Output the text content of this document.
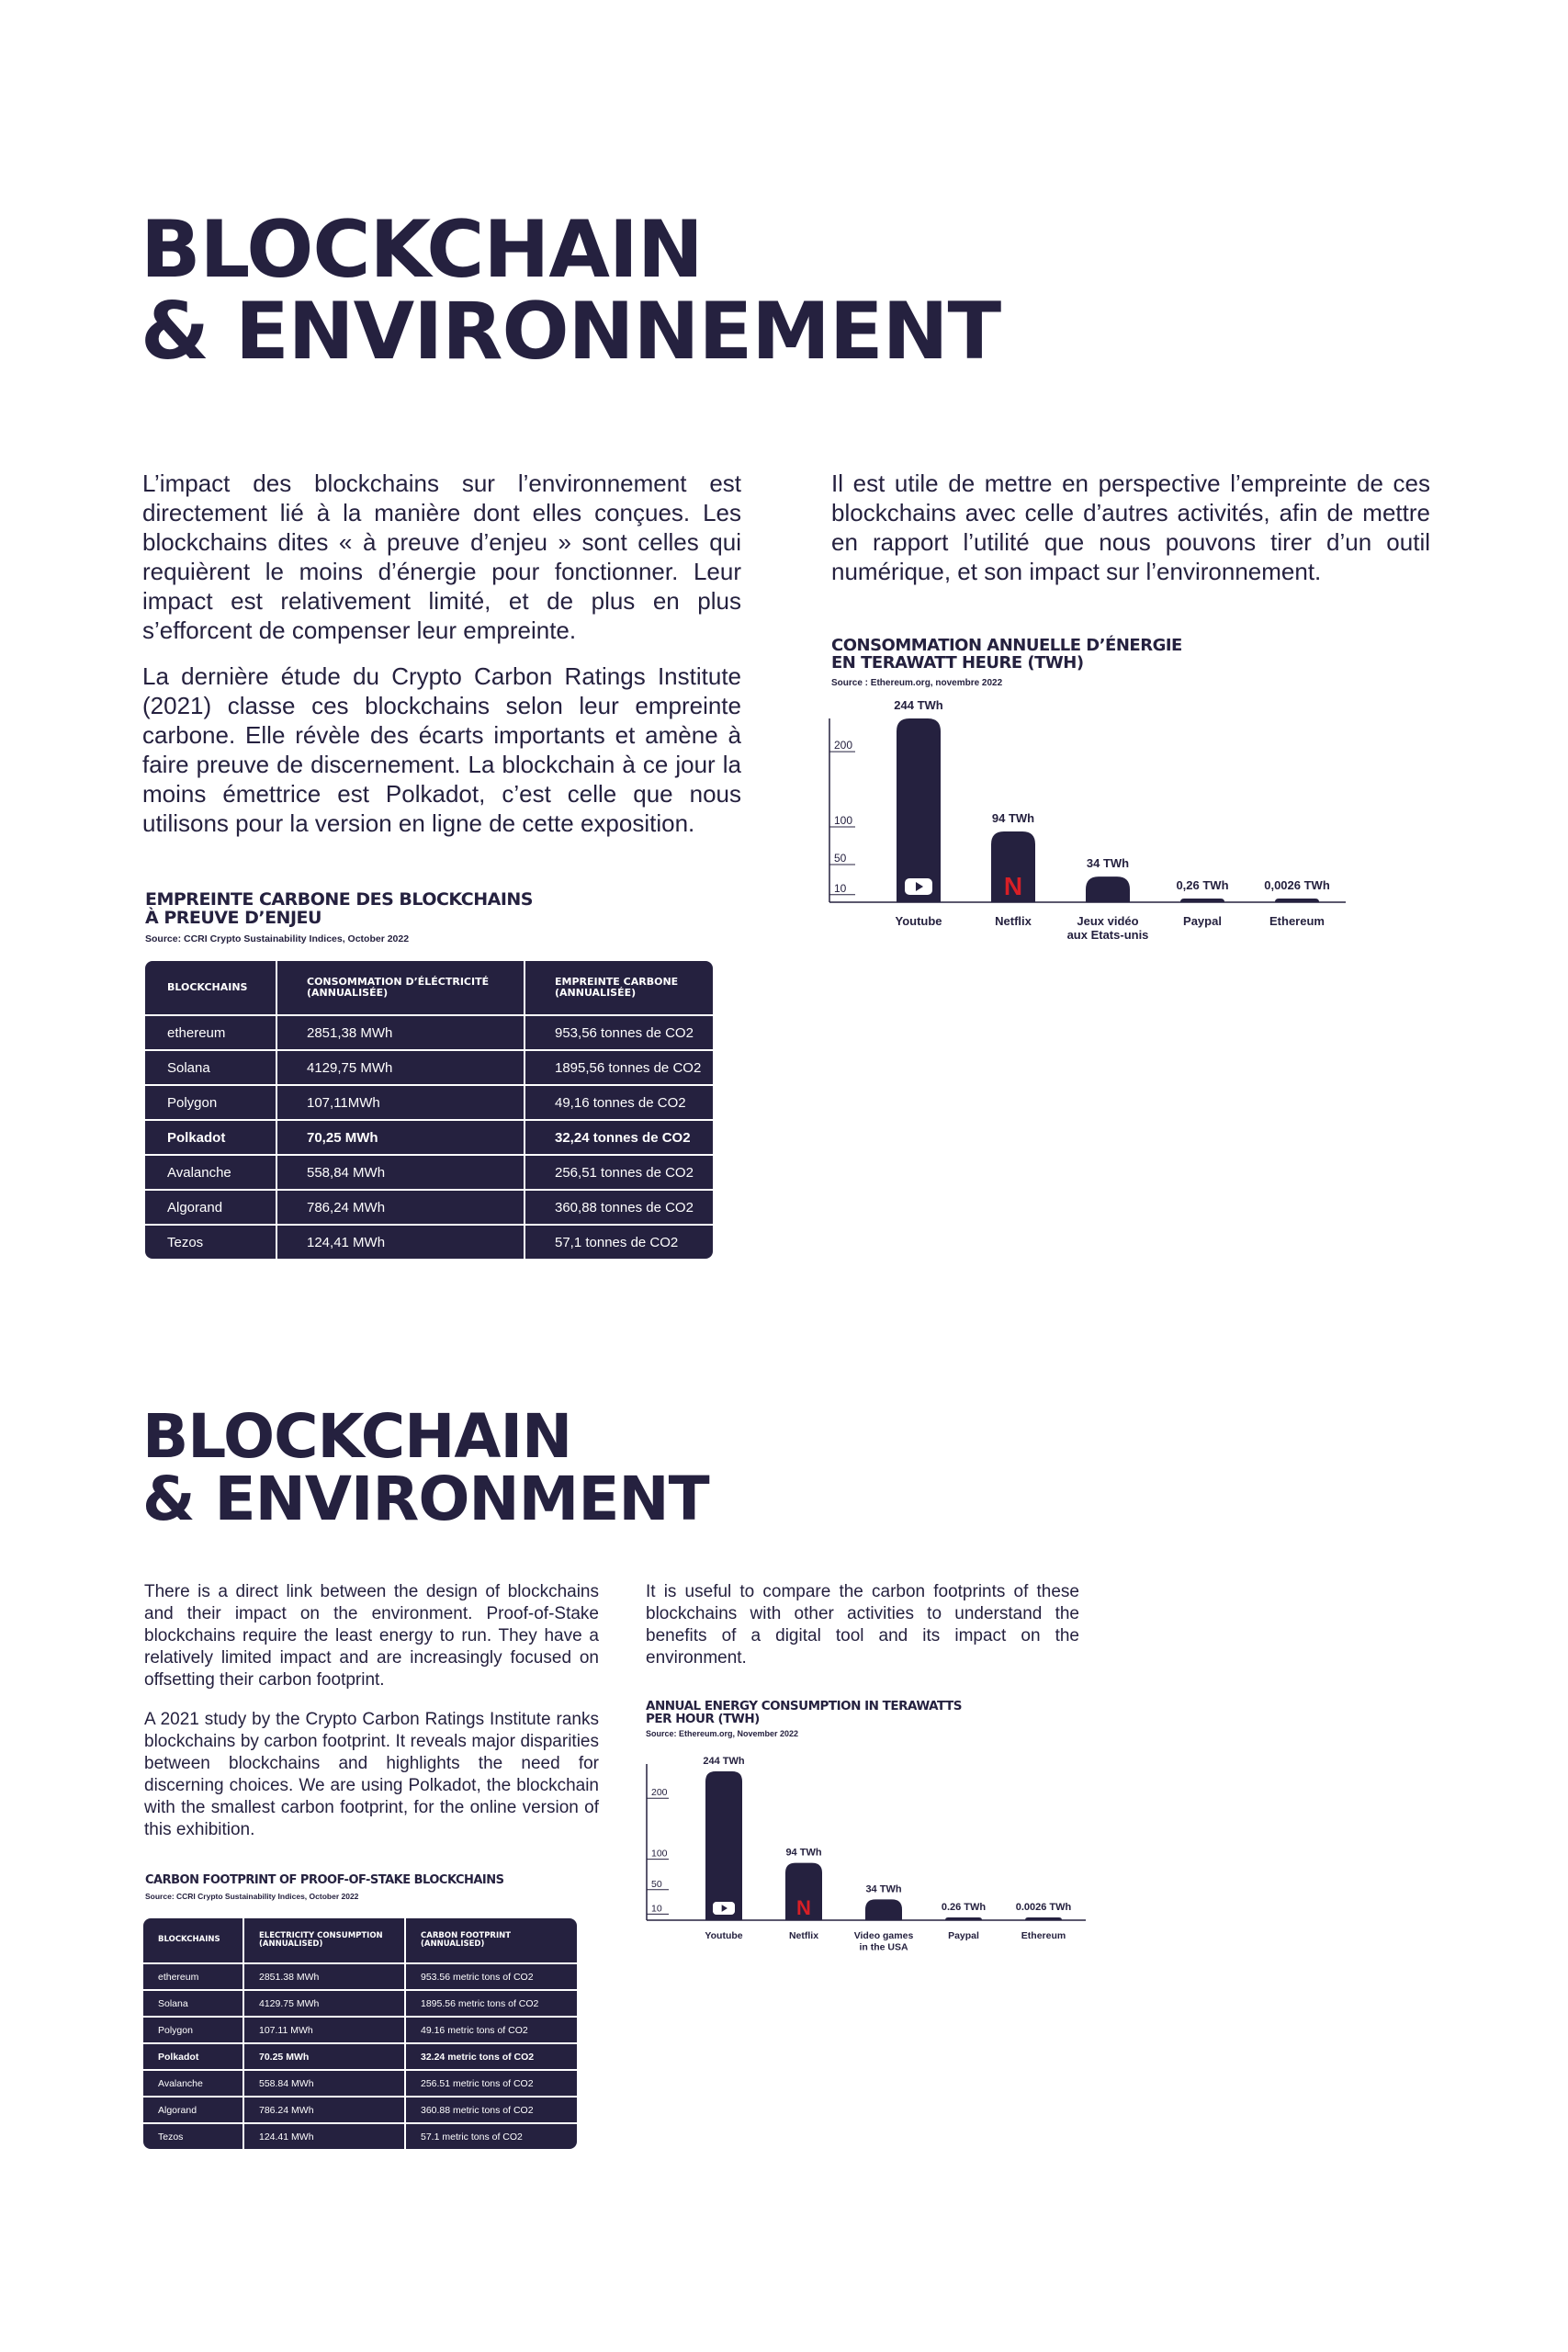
BLOCKCHAIN
& ENVIRONNEMENT

L’impact des blockchains sur l’environnement est directement lié à la manière dont elles conçues. Les blockchains dites « à preuve d’enjeu » sont celles qui requièrent le moins d’énergie pour fonctionner. Leur impact est relativement limité, et de plus en plus s’efforcent de compenser leur empreinte.

La dernière étude du Crypto Carbon Ratings Institute (2021) classe ces blockchains selon leur empreinte carbone. Elle révèle des écarts importants et amène à faire preuve de discernement. La blockchain à ce jour la moins émettrice est Polkadot, c’est celle que nous utilisons pour la version en ligne de cette exposition.

Il est utile de mettre en perspective l’empreinte de ces blockchains avec celle d’autres activités, afin de mettre en rapport l’utilité que nous pouvons tirer d’un outil numérique, et son impact sur l’environnement.

EMPREINTE CARBONE DES BLOCKCHAINS

À PREUVE D’ENJEU

Source: CCRI Crypto Sustainability Indices, October 2022

BLOCKCHAINS	CONSOMMATION D’ÉLÉCTRICITÉ (ANNUALISÉE)	EMPREINTE CARBONE (ANNUALISÉE)
ethereum	2851,38 MWh	953,56 tonnes de CO2
Solana	4129,75 MWh	1895,56 tonnes de CO2
Polygon	107,11MWh	49,16 tonnes de CO2
Polkadot	70,25 MWh	32,24 tonnes de CO2
Avalanche	558,84 MWh	256,51 tonnes de CO2
Algorand	786,24 MWh	360,88 tonnes de CO2
Tezos	124,41 MWh	57,1 tonnes de CO2

CONSOMMATION ANNUELLE D’ÉNERGIE

EN TERAWATT HEURE (TWH)

Source : Ethereum.org, novembre 2022

10
50
100
200
244 TWh
Youtube
94 TWh
Netflix
N
34 TWh
Jeux vidéo
aux Etats-unis
0,26 TWh
Paypal
0,0026 TWh
Ethereum
BLOCKCHAIN
& ENVIRONMENT

There is a direct link between the design of blockchains and their impact on the environment. Proof-of-Stake blockchains require the least energy to run. They have a relatively limited impact and are increasingly focused on offsetting their carbon footprint.

A 2021 study by the Crypto Carbon Ratings Institute ranks blockchains by carbon footprint. It reveals major disparities between blockchains and highlights the need for discerning choices. We are using Polkadot, the blockchain with the smallest carbon footprint, for the online version of this exhibition.

It is useful to compare the carbon footprints of these blockchains with other activities to understand the benefits of a digital tool and its impact on the environment.

CARBON FOOTPRINT OF PROOF-OF-STAKE BLOCKCHAINS

Source: CCRI Crypto Sustainability Indices, October 2022

BLOCKCHAINS	ELECTRICITY CONSUMPTION (ANNUALISED)	CARBON FOOTPRINT (ANNUALISED)
ethereum	2851.38 MWh	953.56 metric tons of CO2
Solana	4129.75 MWh	1895.56 metric tons of CO2
Polygon	107.11 MWh	49.16 metric tons of CO2
Polkadot	70.25 MWh	32.24 metric tons of CO2
Avalanche	558.84 MWh	256.51 metric tons of CO2
Algorand	786.24 MWh	360.88 metric tons of CO2
Tezos	124.41 MWh	57.1 metric tons of CO2

ANNUAL ENERGY CONSUMPTION IN TERAWATTS

PER HOUR (TWH)

Source: Ethereum.org, November 2022

10
50
100
200
244 TWh
Youtube
94 TWh
Netflix
N
34 TWh
Video games
in the USA
0.26 TWh
Paypal
0.0026 TWh
Ethereum
